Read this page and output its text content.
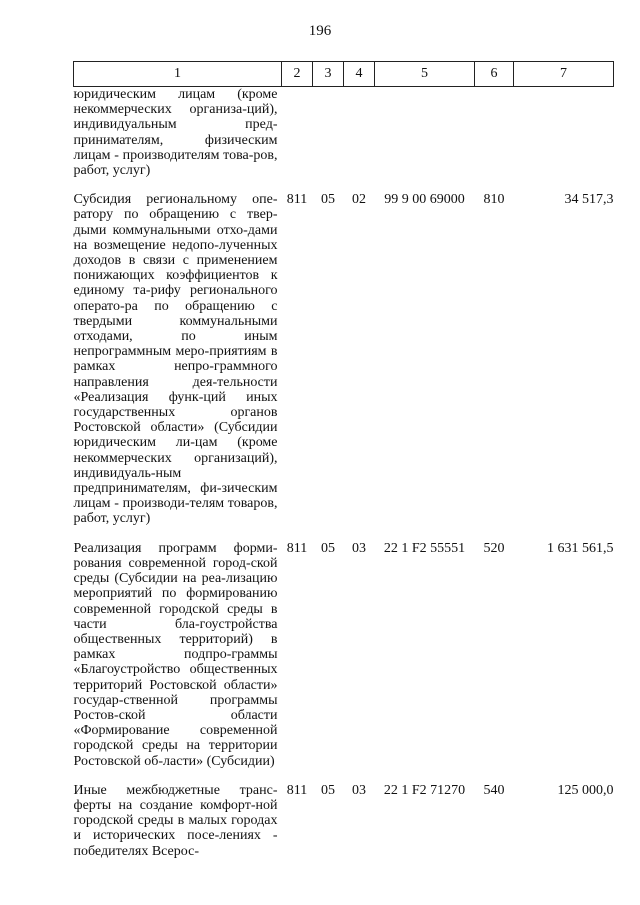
196
1	2	3	4	5	6	7
юридическим лицам (кроме некоммерческих организа-ций), индивидуальным пред-принимателям, физическим лицам - производителям това-ров, работ, услуг)						

Субсидия региональному опе-ратору по обращению с твер-дыми коммунальными отхо-дами на возмещение недопо-лученных доходов в связи с применением понижающих коэффициентов к единому та-рифу регионального операто-ра по обращению с твердыми коммунальными отходами, по иным непрограммным меро-приятиям в рамках непро-граммного направления дея-тельности «Реализация функ-ций иных государственных органов Ростовской области» (Субсидии юридическим ли-цам (кроме некоммерческих организаций), индивидуаль-ным предпринимателям, фи-зическим лицам - производи-телям товаров, работ, услуг)	811	05	02	99 9 00 69000	810	34 517,3

Реализация программ форми-рования современной город-ской среды (Субсидии на реа-лизацию мероприятий по формированию современной городской среды в части бла-гоустройства общественных территорий) в рамках подпро-граммы «Благоустройство общественных территорий Ростовской области» государ-ственной программы Ростов-ской области «Формирование современной городской среды на территории Ростовской об-ласти» (Субсидии)	811	05	03	22 1 F2 55551	520	1 631 561,5

Иные межбюджетные транс-ферты на создание комфорт-ной городской среды в малых городах и исторических посе-лениях - победителях Всерос-	811	05	03	22 1 F2 71270	540	125 000,0
